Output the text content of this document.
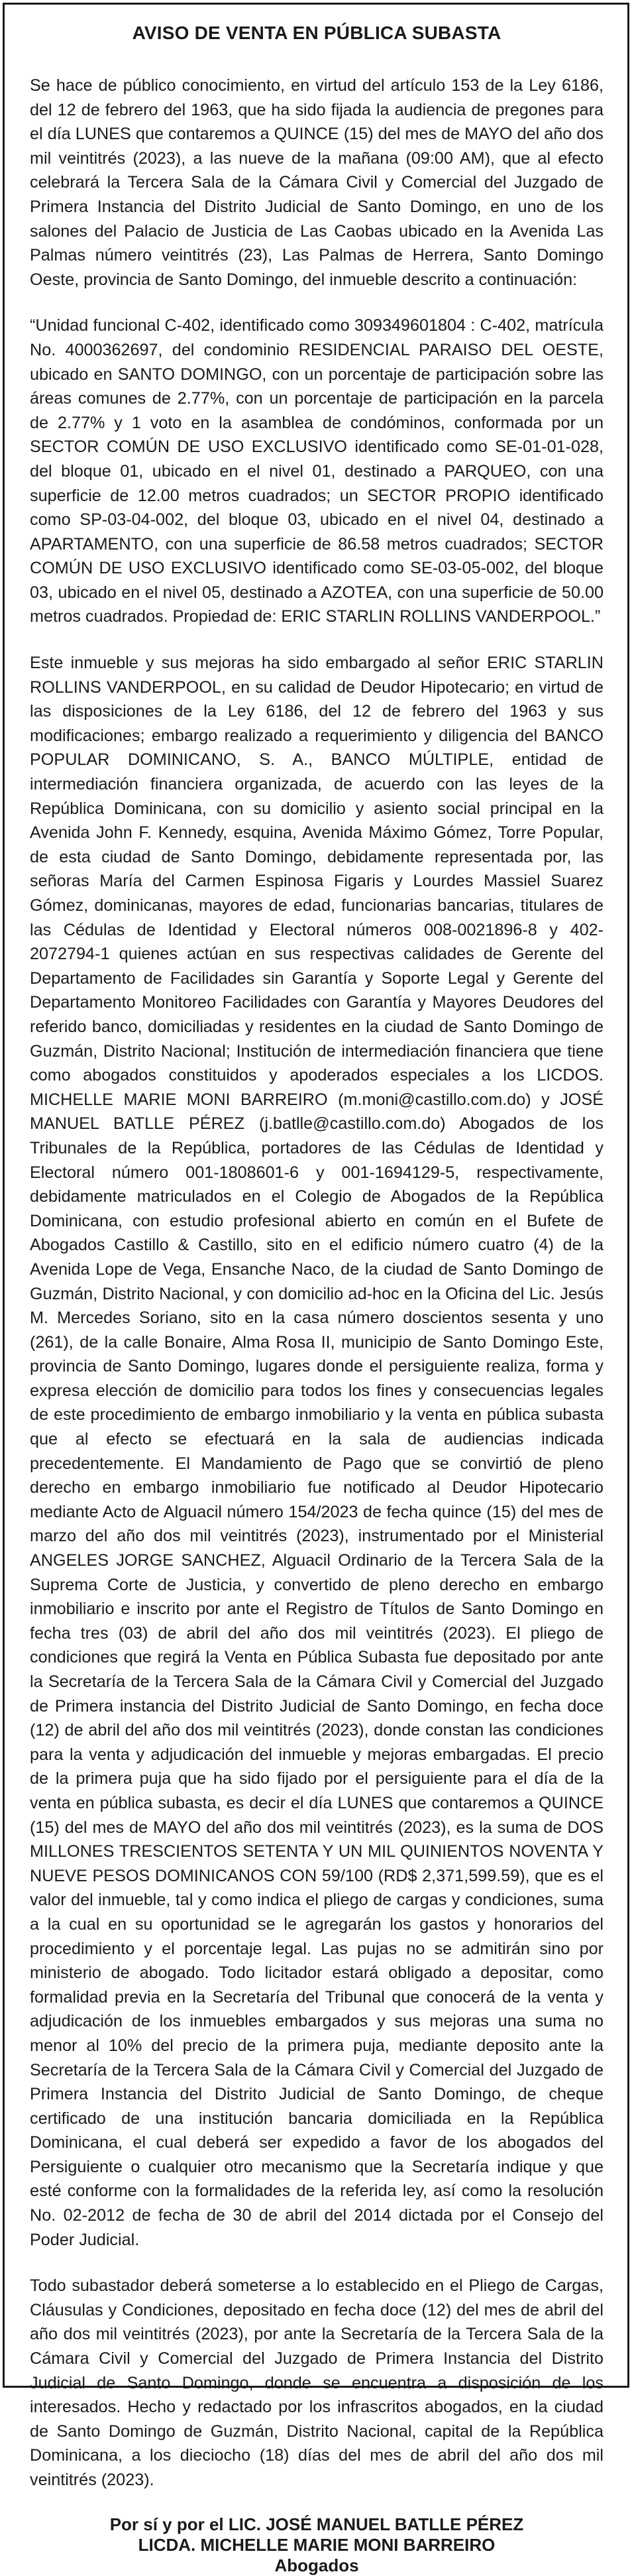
AVISO DE VENTA EN PÚBLICA SUBASTA

Se hace de público conocimiento, en virtud del artículo 153 de la Ley 6186, del 12 de febrero del 1963, que ha sido fijada la audiencia de pregones para el día LUNES que contaremos a QUINCE (15) del mes de MAYO del año dos mil veintitrés (2023), a las nueve de la mañana (09:00 AM), que al efecto celebrará la Tercera Sala de la Cámara Civil y Comercial del Juzgado de Primera Instancia del Distrito Judicial de Santo Domingo, en uno de los salones del Palacio de Justicia de Las Caobas ubicado en la Avenida Las Palmas número veintitrés (23), Las Palmas de Herrera, Santo Domingo Oeste, provincia de Santo Domingo, del inmueble descrito a continuación:

“Unidad funcional C-402, identificado como 309349601804 : C-402, matrícula No. 4000362697, del condominio RESIDENCIAL PARAISO DEL OESTE, ubicado en SANTO DOMINGO, con un porcentaje de participación sobre las áreas comunes de 2.77%, con un porcentaje de participación en la parcela de 2.77% y 1 voto en la asamblea de condóminos, conformada por un SECTOR COMÚN DE USO EXCLUSIVO identificado como SE-01-01-028, del bloque 01, ubicado en el nivel 01, destinado a PARQUEO, con una superficie de 12.00 metros cuadrados; un SECTOR PROPIO identificado como SP-03-04-002, del bloque 03, ubicado en el nivel 04, destinado a APARTAMENTO, con una superficie de 86.58 metros cuadrados; SECTOR COMÚN DE USO EXCLUSIVO identificado como SE-03-05-002, del bloque 03, ubicado en el nivel 05, destinado a AZOTEA, con una superficie de 50.00 metros cuadrados. Propiedad de: ERIC STARLIN ROLLINS VANDERPOOL.”

Este inmueble y sus mejoras ha sido embargado al señor ERIC STARLIN ROLLINS VANDERPOOL, en su calidad de Deudor Hipotecario; en virtud de las disposiciones de la Ley 6186, del 12 de febrero del 1963 y sus modificaciones; embargo realizado a requerimiento y diligencia del BANCO POPULAR DOMINICANO, S. A., BANCO MÚLTIPLE, entidad de intermediación financiera organizada, de acuerdo con las leyes de la República Dominicana, con su domicilio y asiento social principal en la Avenida John F. Kennedy, esquina, Avenida Máximo Gómez, Torre Popular, de esta ciudad de Santo Domingo, debidamente representada por, las señoras María del Carmen Espinosa Figaris y Lourdes Massiel Suarez Gómez, dominicanas, mayores de edad, funcionarias bancarias, titulares de las Cédulas de Identidad y Electoral números 008-0021896-8 y 402-2072794-1 quienes actúan en sus respectivas calidades de Gerente del Departamento de Facilidades sin Garantía y Soporte Legal y Gerente del Departamento Monitoreo Facilidades con Garantía y Mayores Deudores del referido banco, domiciliadas y residentes en la ciudad de Santo Domingo de Guzmán, Distrito Nacional; Institución de intermediación financiera que tiene como abogados constituidos y apoderados especiales a los LICDOS. MICHELLE MARIE MONI BARREIRO (m.moni@castillo.com.do) y JOSÉ MANUEL BATLLE PÉREZ (j.batlle@castillo.com.do) Abogados de los Tribunales de la República, portadores de las Cédulas de Identidad y Electoral número 001-1808601-6 y 001-1694129-5, respectivamente, debidamente matriculados en el Colegio de Abogados de la República Dominicana, con estudio profesional abierto en común en el Bufete de Abogados Castillo & Castillo, sito en el edificio número cuatro (4) de la Avenida Lope de Vega, Ensanche Naco, de la ciudad de Santo Domingo de Guzmán, Distrito Nacional, y con domicilio ad-hoc en la Oficina del Lic. Jesús M. Mercedes Soriano, sito en la casa número doscientos sesenta y uno (261), de la calle Bonaire, Alma Rosa II, municipio de Santo Domingo Este, provincia de Santo Domingo, lugares donde el persiguiente realiza, forma y expresa elección de domicilio para todos los fines y consecuencias legales de este procedimiento de embargo inmobiliario y la venta en pública subasta que al efecto se efectuará en la sala de audiencias indicada precedentemente. El Mandamiento de Pago que se convirtió de pleno derecho en embargo inmobiliario fue notificado al Deudor Hipotecario mediante Acto de Alguacil número 154/2023 de fecha quince (15) del mes de marzo del año dos mil veintitrés (2023), instrumentado por el Ministerial ANGELES JORGE SANCHEZ, Alguacil Ordinario de la Tercera Sala de la Suprema Corte de Justicia, y convertido de pleno derecho en embargo inmobiliario e inscrito por ante el Registro de Títulos de Santo Domingo en fecha tres (03) de abril del año dos mil veintitrés (2023). El pliego de condiciones que regirá la Venta en Pública Subasta fue depositado por ante la Secretaría de la Tercera Sala de la Cámara Civil y Comercial del Juzgado de Primera instancia del Distrito Judicial de Santo Domingo, en fecha doce (12) de abril del año dos mil veintitrés (2023), donde constan las condiciones para la venta y adjudicación del inmueble y mejoras embargadas. El precio de la primera puja que ha sido fijado por el persiguiente para el día de la venta en pública subasta, es decir el día LUNES que contaremos a QUINCE (15) del mes de MAYO del año dos mil veintitrés (2023), es la suma de DOS MILLONES TRESCIENTOS SETENTA Y UN MIL QUINIENTOS NOVENTA Y NUEVE PESOS DOMINICANOS CON 59/100 (RD$ 2,371,599.59), que es el valor del inmueble, tal y como indica el pliego de cargas y condiciones, suma a la cual en su oportunidad se le agregarán los gastos y honorarios del procedimiento y el porcentaje legal. Las pujas no se admitirán sino por ministerio de abogado. Todo licitador estará obligado a depositar, como formalidad previa en la Secretaría del Tribunal que conocerá de la venta y adjudicación de los inmuebles embargados y sus mejoras una suma no menor al 10% del precio de la primera puja, mediante deposito ante la Secretaría de la Tercera Sala de la Cámara Civil y Comercial del Juzgado de Primera Instancia del Distrito Judicial de Santo Domingo, de cheque certificado de una institución bancaria domiciliada en la República Dominicana, el cual deberá ser expedido a favor de los abogados del Persiguiente o cualquier otro mecanismo que la Secretaría indique y que esté conforme con la formalidades de la referida ley, así como la resolución No. 02-2012 de fecha de 30 de abril del 2014 dictada por el Consejo del Poder Judicial.

Todo subastador deberá someterse a lo establecido en el Pliego de Cargas, Cláusulas y Condiciones, depositado en fecha doce (12) del mes de abril del año dos mil veintitrés (2023), por ante la Secretaría de la Tercera Sala de la Cámara Civil y Comercial del Juzgado de Primera Instancia del Distrito Judicial de Santo Domingo, donde se encuentra a disposición de los interesados. Hecho y redactado por los infrascritos abogados, en la ciudad de Santo Domingo de Guzmán, Distrito Nacional, capital de la República Dominicana, a los dieciocho (18) días del mes de abril del año dos mil veintitrés (2023).

Por sí y por el LIC. JOSÉ MANUEL BATLLE PÉREZ
LICDA. MICHELLE MARIE MONI BARREIRO
Abogados
